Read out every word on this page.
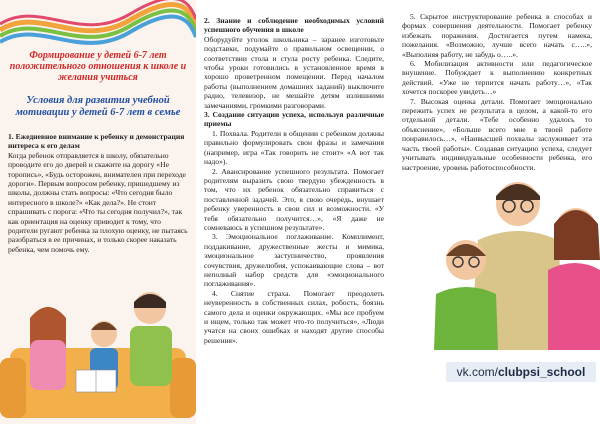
Формирование у детей 6-7 лет положительного отношения к школе и желания учиться
Условия для развития учебной мотивации у детей 6-7 лет в семье

1. Ежедневное внимание к ребенку и демонстрация интереса к его делам

Когда ребенок отправляется в школу, обязательно проводите его до дверей и скажите на дорогу «Не торопись», «Будь осторожен, внимателен при переходе дороги». Первым вопросом ребенку, пришедшему из школы, должны стать вопросы: «Что сегодня было интересного в школе?» «Как дела?». Не стоит спрашивать с порога: «Что ты сегодня получил?», так как ориентация на оценку приводит к тому, что родители ругают ребенка за плохую оценку, не пытаясь разобраться в ее причинах, и только скорее наказать ребенка, чем помочь ему.

2. Знание и соблюдение необходимых условий успешного обучения в школе

Оборудуйте уголок школьника – заранее изготовьте подставки, подумайте о правильном освещении, о соответствии стола и стула росту ребенка. Следите, чтобы уроки готовились в установленное время в хорошо проветренном помещении. Перед началом работы (выполнением домашних заданий) выключите радио, телевизор, не мешайте детям излишними замечаниями, громкими разговорами.

3. Создание ситуации успеха, используя различные приемы

1. Похвала. Родители в общении с ребенком должны правильно формулировать свои фразы и замечания (например, игра «Так говорить не стоит» «А вот так надо»).

2. Авансирование успешного результата. Помогает родителям выразить свою твердую убежденность в том, что их ребенок обязательно справиться с поставленной задачей. Это, в свою очередь, внушает ребенку уверенность в свои сил и возможности. «У тебя обязательно получится…», «Я даже не сомневаюсь в успешном результате».

3. Эмоциональное поглаживание. Комплимент, поддакивание, дружественные жесты и мимика, эмоциональное заступничество, проявления сочувствия, дружелюбия, успокаивающие слова – вот неполный набор средств для «эмоционального поглаживания».

4. Снятие страха. Помогает преодолеть неуверенность в собственных силах, робость, боязнь самого дела и оценки окружающих. «Мы все пробуем и ищем, только так может что-то получиться», «Люди учатся на своих ошибках и находят другие способы решения».

5. Скрытое инструктирование ребенка в способах и формах совершения деятельности. Помогает ребенку избежать поражения. Достигается путем намека, пожелания. «Возможно, лучше всего начать с…..», «Выполняя работу, не забудь о…..».

6. Мобилизация активности или педагогическое внушение. Побуждает к выполнению конкретных действий. «Уже не терпится начать работу…», «Так хочется поскорее увидеть…»

7. Высокая оценка детали. Помогает эмоционально пережить успех не результата в целом, а какой-то его отдельной детали. «Тебе особенно удалось то объяснение», «Больше всего мне в твоей работе понравилось…», «Наивысшей похвалы заслуживает эта часть твоей работы». Создавая ситуацию успеха, следует учитывать индивидуальные особенности ребенка, его настроение, уровень работоспособности.

vk.com/clubpsi_school
